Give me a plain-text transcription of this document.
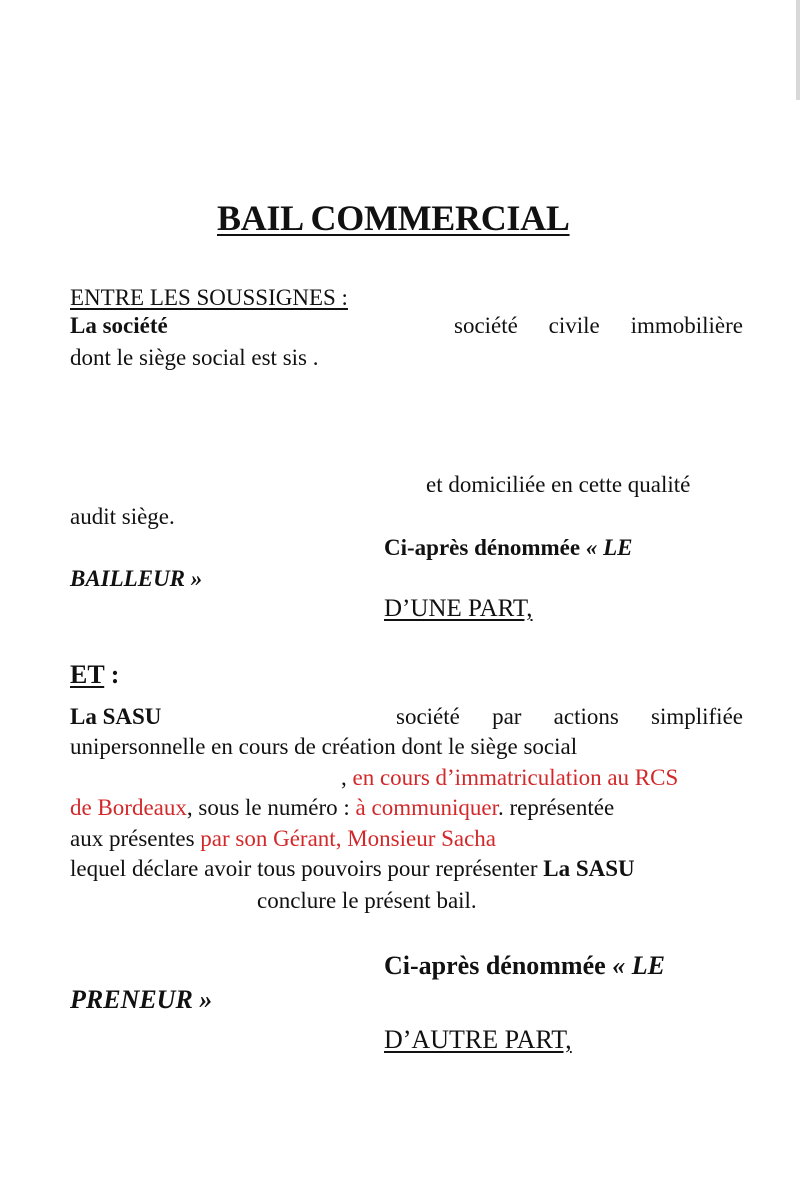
BAIL COMMERCIAL
ENTRE LES SOUSSIGNES :
La société	société civile immobilière
dont le siège social est sis .
et domiciliée en cette qualité
audit siège.
Ci-après dénommée « LE
BAILLEUR »
D’UNE PART,
ET :
La SASU	société par actions simplifiée
unipersonnelle en cours de création dont le siège social
, en cours d’immatriculation au RCS
de Bordeaux, sous le numéro : à communiquer. représentée
aux présentes par son Gérant, Monsieur Sacha
lequel déclare avoir tous pouvoirs pour représenter La SASU
conclure le présent bail.
Ci-après dénommée « LE
PRENEUR »
D’AUTRE PART,
